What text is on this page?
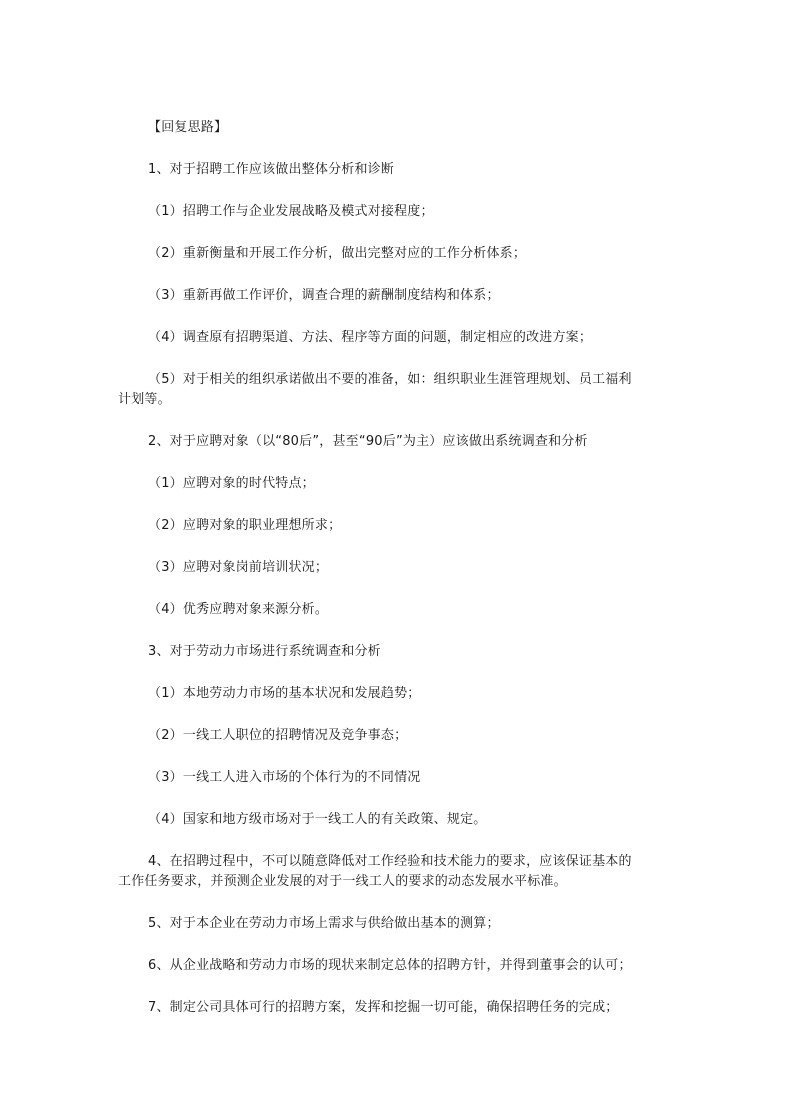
【回复思路】

1、对于招聘工作应该做出整体分析和诊断

（1）招聘工作与企业发展战略及模式对接程度；

（2）重新衡量和开展工作分析，做出完整对应的工作分析体系；

（3）重新再做工作评价，调查合理的薪酬制度结构和体系；

（4）调查原有招聘渠道、方法、程序等方面的问题，制定相应的改进方案；

（5）对于相关的组织承诺做出不要的准备，如：组织职业生涯管理规划、员工福利

计划等。

2、对于应聘对象（以“80后”，甚至“90后”为主）应该做出系统调查和分析

（1）应聘对象的时代特点；

（2）应聘对象的职业理想所求；

（3）应聘对象岗前培训状况；

（4）优秀应聘对象来源分析。

3、对于劳动力市场进行系统调查和分析

（1）本地劳动力市场的基本状况和发展趋势；

（2）一线工人职位的招聘情况及竞争事态；

（3）一线工人进入市场的个体行为的不同情况

（4）国家和地方级市场对于一线工人的有关政策、规定。

4、在招聘过程中，不可以随意降低对工作经验和技术能力的要求，应该保证基本的

工作任务要求，并预测企业发展的对于一线工人的要求的动态发展水平标准。

5、对于本企业在劳动力市场上需求与供给做出基本的测算；

6、从企业战略和劳动力市场的现状来制定总体的招聘方针，并得到董事会的认可；

7、制定公司具体可行的招聘方案，发挥和挖掘一切可能，确保招聘任务的完成；
